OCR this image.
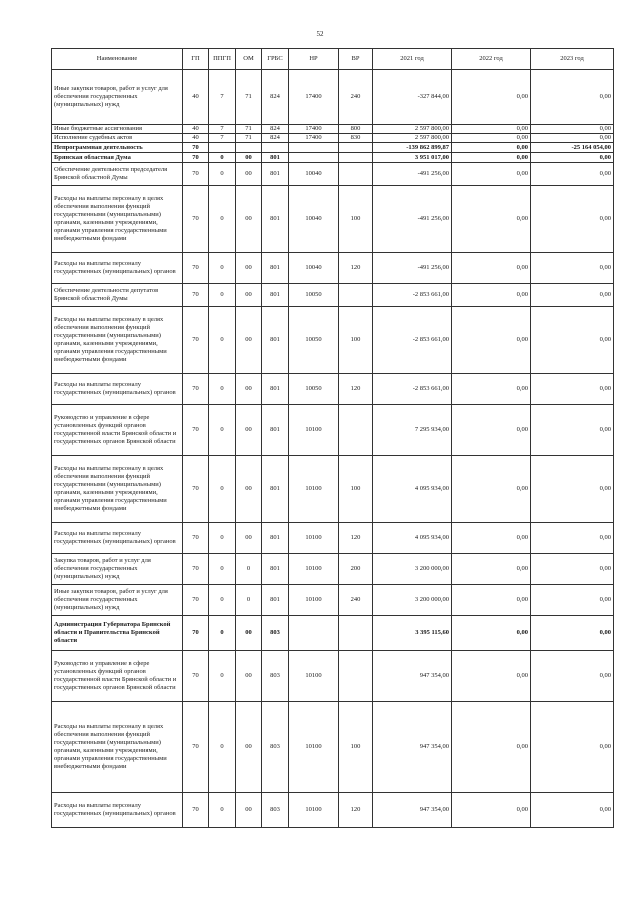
52
Наименование	ГП	ППГП	ОМ	ГРБС	НР	ВР	2021 год	2022 год	2023 год
Иные закупки товаров, работ и услуг для обеспечения государственных (муниципальных) нужд	40	7	71	824	17400	240	-327 844,00	0,00	0,00
Иные бюджетные ассигнования	40	7	71	824	17400	800	2 597 800,00	0,00	0,00
Исполнение судебных актов	40	7	71	824	17400	830	2 597 800,00	0,00	0,00
Непрограммная деятельность	70						-139 862 899,87	0,00	-25 164 054,00
Брянская областная Дума	70	0	00	801			3 951 017,00	0,00	0,00
Обеспечение деятельности председателя Брянской областной Думы	70	0	00	801	10040		-491 256,00	0,00	0,00
Расходы на выплаты персоналу в целях обеспечения выполнения функций государственными (муниципальными) органами, казенными учреждениями, органами управления государственными внебюджетными фондами	70	0	00	801	10040	100	-491 256,00	0,00	0,00
Расходы на выплаты персоналу государственных (муниципальных) органов	70	0	00	801	10040	120	-491 256,00	0,00	0,00
Обеспечение деятельности депутатов Брянской областной Думы	70	0	00	801	10050		-2 853 661,00	0,00	0,00
Расходы на выплаты персоналу в целях обеспечения выполнения функций государственными (муниципальными) органами, казенными учреждениями, органами управления государственными внебюджетными фондами	70	0	00	801	10050	100	-2 853 661,00	0,00	0,00
Расходы на выплаты персоналу государственных (муниципальных) органов	70	0	00	801	10050	120	-2 853 661,00	0,00	0,00
Руководство и управление в сфере установленных функций органов государственной власти Брянской области и государственных органов Брянской области	70	0	00	801	10100		7 295 934,00	0,00	0,00
Расходы на выплаты персоналу в целях обеспечения выполнения функций государственными (муниципальными) органами, казенными учреждениями, органами управления государственными внебюджетными фондами	70	0	00	801	10100	100	4 095 934,00	0,00	0,00
Расходы на выплаты персоналу государственных (муниципальных) органов	70	0	00	801	10100	120	4 095 934,00	0,00	0,00
Закупка товаров, работ и услуг для обеспечения государственных (муниципальных) нужд	70	0	0	801	10100	200	3 200 000,00	0,00	0,00
Иные закупки товаров, работ и услуг для обеспечения государственных (муниципальных) нужд	70	0	0	801	10100	240	3 200 000,00	0,00	0,00
Администрация Губернатора Брянской области и Правительства Брянской области	70	0	00	803			3 395 115,60	0,00	0,00
Руководство и управление в сфере установленных функций органов государственной власти Брянской области и государственных органов Брянской области	70	0	00	803	10100		947 354,00	0,00	0,00
Расходы на выплаты персоналу в целях обеспечения выполнения функций государственными (муниципальными) органами, казенными учреждениями, органами управления государственными внебюджетными фондами	70	0	00	803	10100	100	947 354,00	0,00	0,00
Расходы на выплаты персоналу государственных (муниципальных) органов	70	0	00	803	10100	120	947 354,00	0,00	0,00
